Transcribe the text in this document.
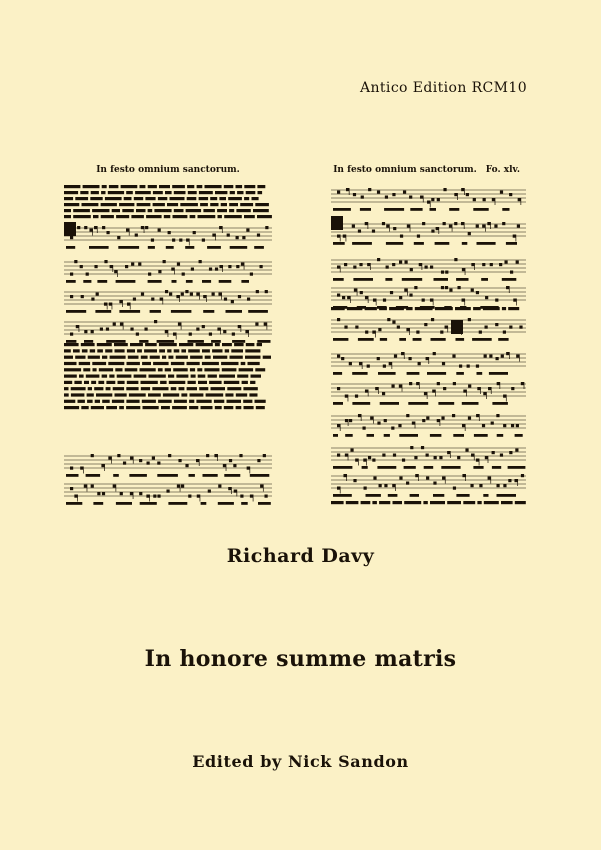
Antico Edition RCM10
In festo omnium sanctorum.	In festo omnium sanctorum. Fo. xlv.
Richard Davy
In honore summe matris
Edited by Nick Sandon
